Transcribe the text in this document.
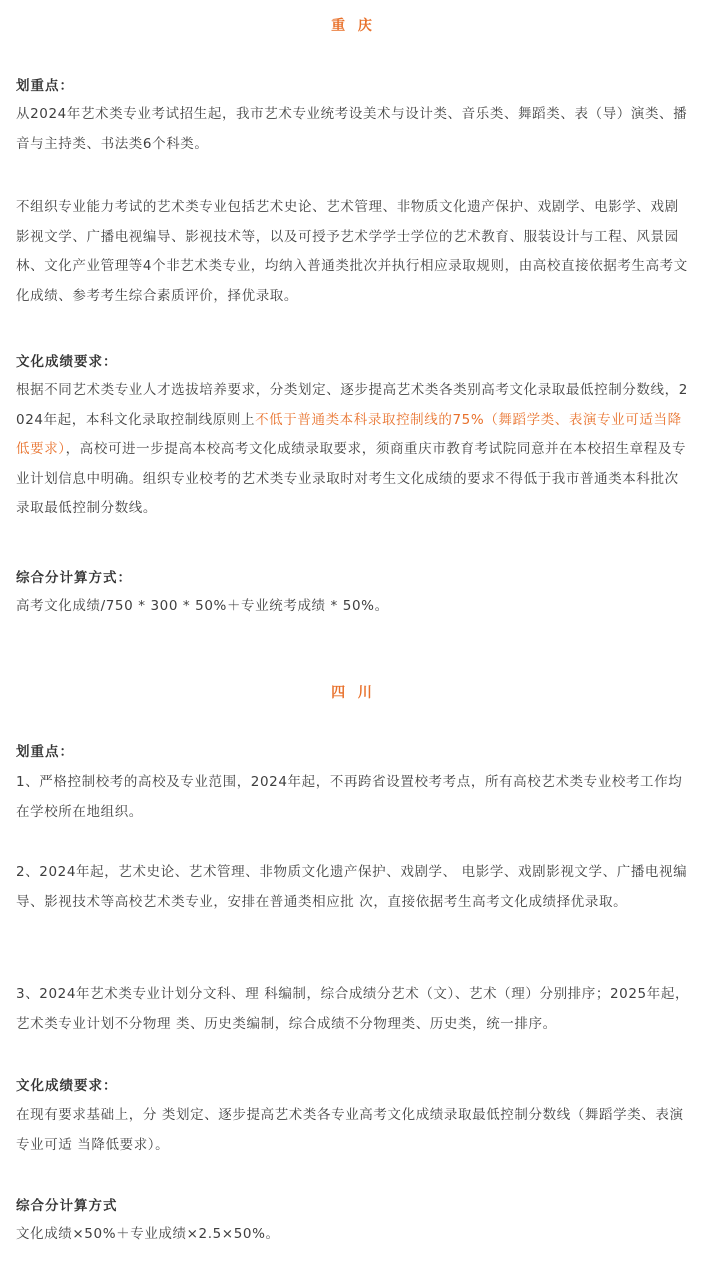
重 庆
划重点：

从2024年艺术类专业考试招生起，我市艺术专业统考设美术与设计类、音乐类、舞蹈类、表（导）演类、播音与主持类、书法类6个科类。

不组织专业能力考试的艺术类专业包括艺术史论、艺术管理、非物质文化遗产保护、戏剧学、电影学、戏剧影视文学、广播电视编导、影视技术等，以及可授予艺术学学士学位的艺术教育、服装设计与工程、风景园林、文化产业管理等4个非艺术类专业，均纳入普通类批次并执行相应录取规则，由高校直接依据考生高考文化成绩、参考考生综合素质评价，择优录取。

文化成绩要求：

根据不同艺术类专业人才选拔培养要求，分类划定、逐步提高艺术类各类别高考文化录取最低控制分数线，2024年起，本科文化录取控制线原则上不低于普通类本科录取控制线的75%（舞蹈学类、表演专业可适当降低要求），高校可进一步提高本校高考文化成绩录取要求，须商重庆市教育考试院同意并在本校招生章程及专业计划信息中明确。组织专业校考的艺术类专业录取时对考生文化成绩的要求不得低于我市普通类本科批次录取最低控制分数线。

综合分计算方式：

高考文化成绩/750 * 300 * 50%＋专业统考成绩 * 50%。

四 川
划重点：

1、严格控制校考的高校及专业范围，2024年起，不再跨省设置校考考点，所有高校艺术类专业校考工作均在学校所在地组织。

2、2024年起，艺术史论、艺术管理、非物质文化遗产保护、戏剧学、 电影学、戏剧影视文学、广播电视编导、影视技术等高校艺术类专业，安排在普通类相应批 次，直接依据考生高考文化成绩择优录取。

3、2024年艺术类专业计划分文科、理 科编制，综合成绩分艺术（文）、艺术（理）分别排序；2025年起，艺术类专业计划不分物理 类、历史类编制，综合成绩不分物理类、历史类，统一排序。

文化成绩要求：

在现有要求基础上，分 类划定、逐步提高艺术类各专业高考文化成绩录取最低控制分数线（舞蹈学类、表演专业可适 当降低要求）。

综合分计算方式

文化成绩×50%＋专业成绩×2.5×50%。
